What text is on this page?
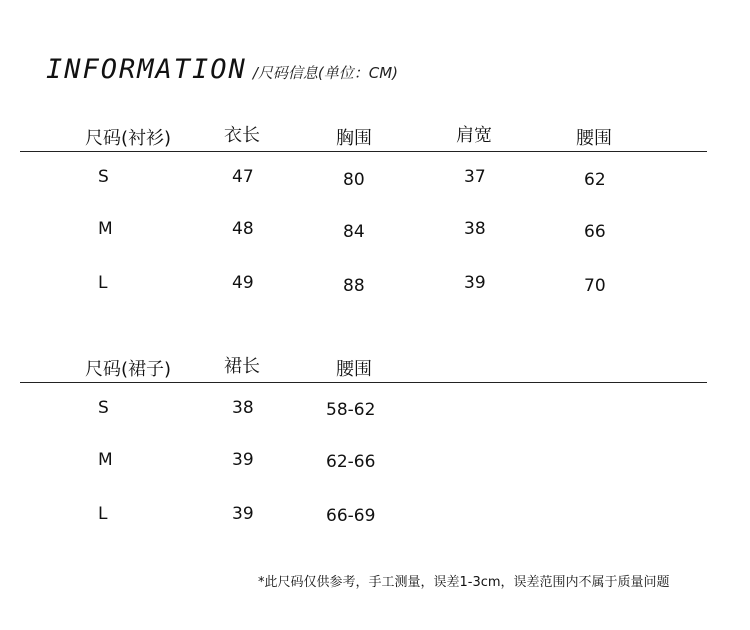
INFORMATION /尺码信息(单位：CM)
尺码(衬衫)	衣长	胸围	肩宽	腰围
S	47	80	37	62
M	48	84	38	66
L	49	88	39	70
尺码(裙子)	裙长	腰围
S	38	58-62
M	39	62-66
L	39	66-69
*此尺码仅供参考，手工测量，误差1-3cm，误差范围内不属于质量问题
